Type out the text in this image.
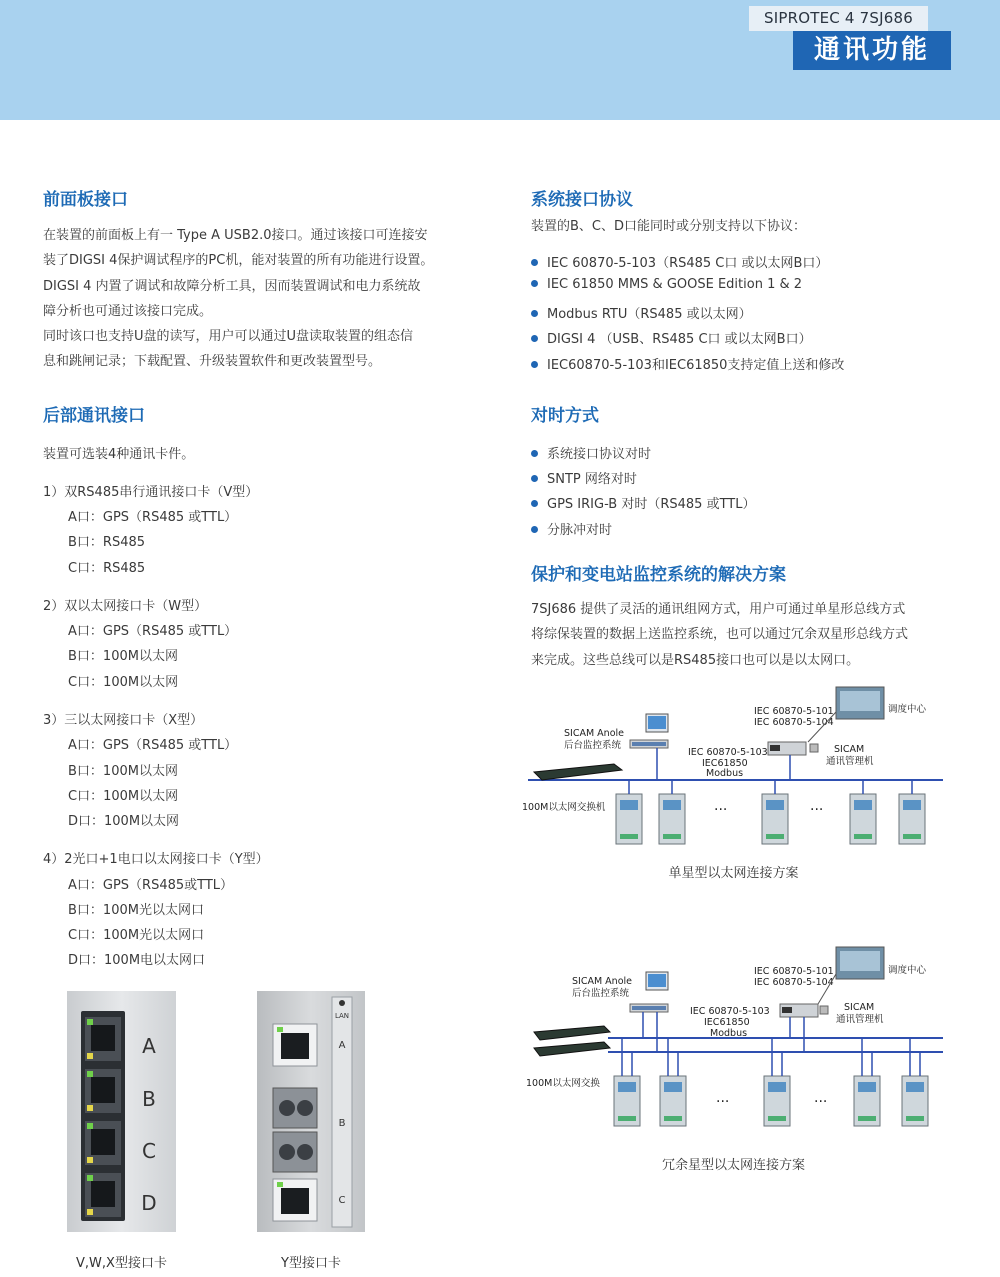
SIPROTEC 4 7SJ686
通讯功能
前面板接口
在装置的前面板上有一 Type A USB2.0接口。通过该接口可连接安
装了DIGSI 4保护调试程序的PC机，能对装置的所有功能进行设置。
DIGSI 4 内置了调试和故障分析工具，因而装置调试和电力系统故
障分析也可通过该接口完成。
同时该口也支持U盘的读写，用户可以通过U盘读取装置的组态信
息和跳闸记录；下载配置、升级装置软件和更改装置型号。
后部通讯接口
装置可选装4种通讯卡件。
1）双RS485串行通讯接口卡（V型）
A口：GPS（RS485 或TTL）
B口：RS485
C口：RS485
2）双以太网接口卡（W型）
A口：GPS（RS485 或TTL）
B口：100M以太网
C口：100M以太网
3）三以太网接口卡（X型）
A口：GPS（RS485 或TTL）
B口：100M以太网
C口：100M以太网
D口：100M以太网
4）2光口+1电口以太网接口卡（Y型）
A口：GPS（RS485或TTL）
B口：100M光以太网口
C口：100M光以太网口
D口：100M电以太网口
A
B
C
D
V,W,X型接口卡
LAN
A
B
C
Y型接口卡
系统接口协议
装置的B、C、D口能同时或分别支持以下协议：
IEC 60870-5-103（RS485 C口 或以太网B口）
IEC 61850 MMS & GOOSE Edition 1 & 2
Modbus RTU（RS485 或以太网）
DIGSI 4 （USB、RS485 C口 或以太网B口）
IEC60870-5-103和IEC61850支持定值上送和修改
对时方式
系统接口协议对时
SNTP 网络对时
GPS IRIG-B 对时（RS485 或TTL）
分脉冲对时
保护和变电站监控系统的解决方案
7SJ686 提供了灵活的通讯组网方式，用户可通过单星形总线方式
将综保装置的数据上送监控系统，也可以通过冗余双星形总线方式
来完成。这些总线可以是RS485接口也可以是以太网口。
调度中心
IEC 60870-5-101
IEC 60870-5-104
SICAM Anole
后台监控系统
IEC 60870-5-103
IEC61850
Modbus
SICAM
通讯管理机
100M以太网交换机	···	···
单星型以太网连接方案
调度中心
IEC 60870-5-101
IEC 60870-5-104
SICAM Anole
后台监控系统
IEC 60870-5-103
IEC61850
Modbus
SICAM
通讯管理机
100M以太网交换
···	···
冗余星型以太网连接方案
